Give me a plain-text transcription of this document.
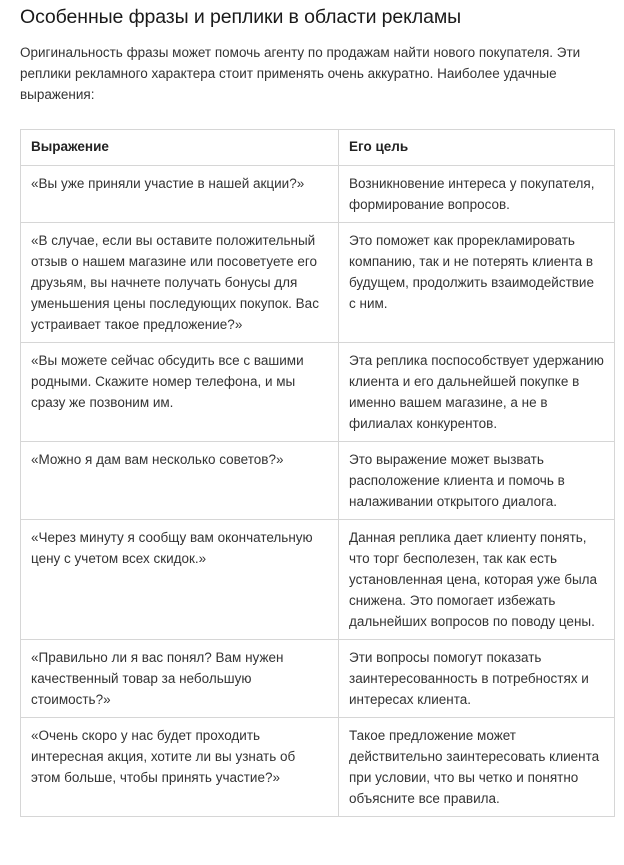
Особенные фразы и реплики в области рекламы

Оригинальность фразы может помочь агенту по продажам найти нового покупателя. Эти реплики рекламного характера стоит применять очень аккуратно. Наиболее удачные выражения:

Выражение	Его цель
«Вы уже приняли участие в нашей акции?»	Возникновение интереса у покупателя, формирование вопросов.
«В случае, если вы оставите положительный отзыв о нашем магазине или посоветуете его друзьям, вы начнете получать бонусы для уменьшения цены последующих покупок. Вас устраивает такое предложение?»	Это поможет как прорекламировать компанию, так и не потерять клиента в будущем, продолжить взаимодействие с ним.
«Вы можете сейчас обсудить все с вашими родными. Скажите номер телефона, и мы сразу же позвоним им.	Эта реплика поспособствует удержанию клиента и его дальнейшей покупке в именно вашем магазине, а не в филиалах конкурентов.
«Можно я дам вам несколько советов?»	Это выражение может вызвать расположение клиента и помочь в налаживании открытого диалога.
«Через минуту я сообщу вам окончательную цену с учетом всех скидок.»	Данная реплика дает клиенту понять, что торг бесполезен, так как есть установленная цена, которая уже была снижена. Это помогает избежать дальнейших вопросов по поводу цены.
«Правильно ли я вас понял? Вам нужен качественный товар за небольшую стоимость?»	Эти вопросы помогут показать заинтересованность в потребностях и интересах клиента.
«Очень скоро у нас будет проходить интересная акция, хотите ли вы узнать об этом больше, чтобы принять участие?»	Такое предложение может действительно заинтересовать клиента при условии, что вы четко и понятно объясните все правила.
